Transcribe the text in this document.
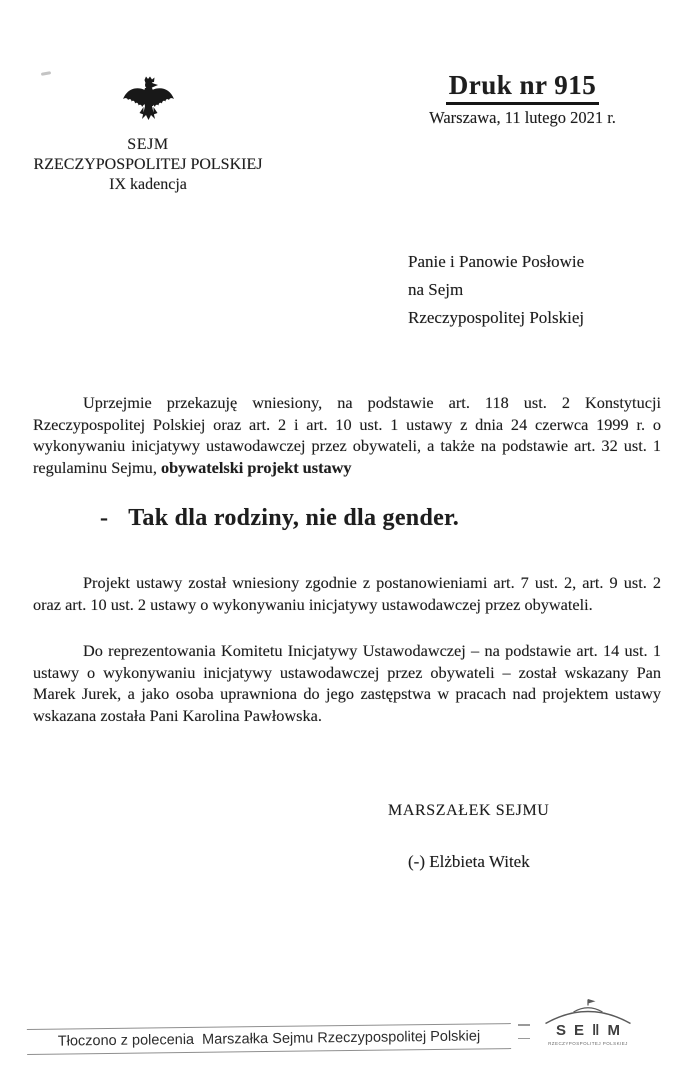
SEJM
RZECZYPOSPOLITEJ POLSKIEJ
IX kadencja
Druk nr 915
Warszawa, 11 lutego 2021 r.
Panie i Panowie Posłowie
na Sejm
Rzeczypospolitej Polskiej

Uprzejmie przekazuję wniesiony, na podstawie art. 118 ust. 2 Konstytucji Rzeczypospolitej Polskiej oraz art. 2 i art. 10 ust. 1 ustawy z dnia 24 czerwca 1999 r. o wykonywaniu inicjatywy ustawodawczej przez obywateli, a także na podstawie art. 32 ust. 1 regulaminu Sejmu, obywatelski projekt ustawy

- Tak dla rodziny, nie dla gender.

Projekt ustawy został wniesiony zgodnie z postanowieniami art. 7 ust. 2, art. 9 ust. 2 oraz art. 10 ust. 2 ustawy o wykonywaniu inicjatywy ustawodawczej przez obywateli.

Do reprezentowania Komitetu Inicjatywy Ustawodawczej – na podstawie art. 14 ust. 1 ustawy o wykonywaniu inicjatywy ustawodawczej przez obywateli – został wskazany Pan Marek Jurek, a jako osoba uprawniona do jego zastępstwa w pracach nad projektem ustawy wskazana została Pani Karolina Pawłowska.

MARSZAŁEK SEJMU
(-) Elżbieta Witek
Tłoczono z polecenia  Marszałka Sejmu Rzeczypospolitej Polskiej	S E ‖ M
RZECZYPOSPOLITEJ POLSKIEJ
